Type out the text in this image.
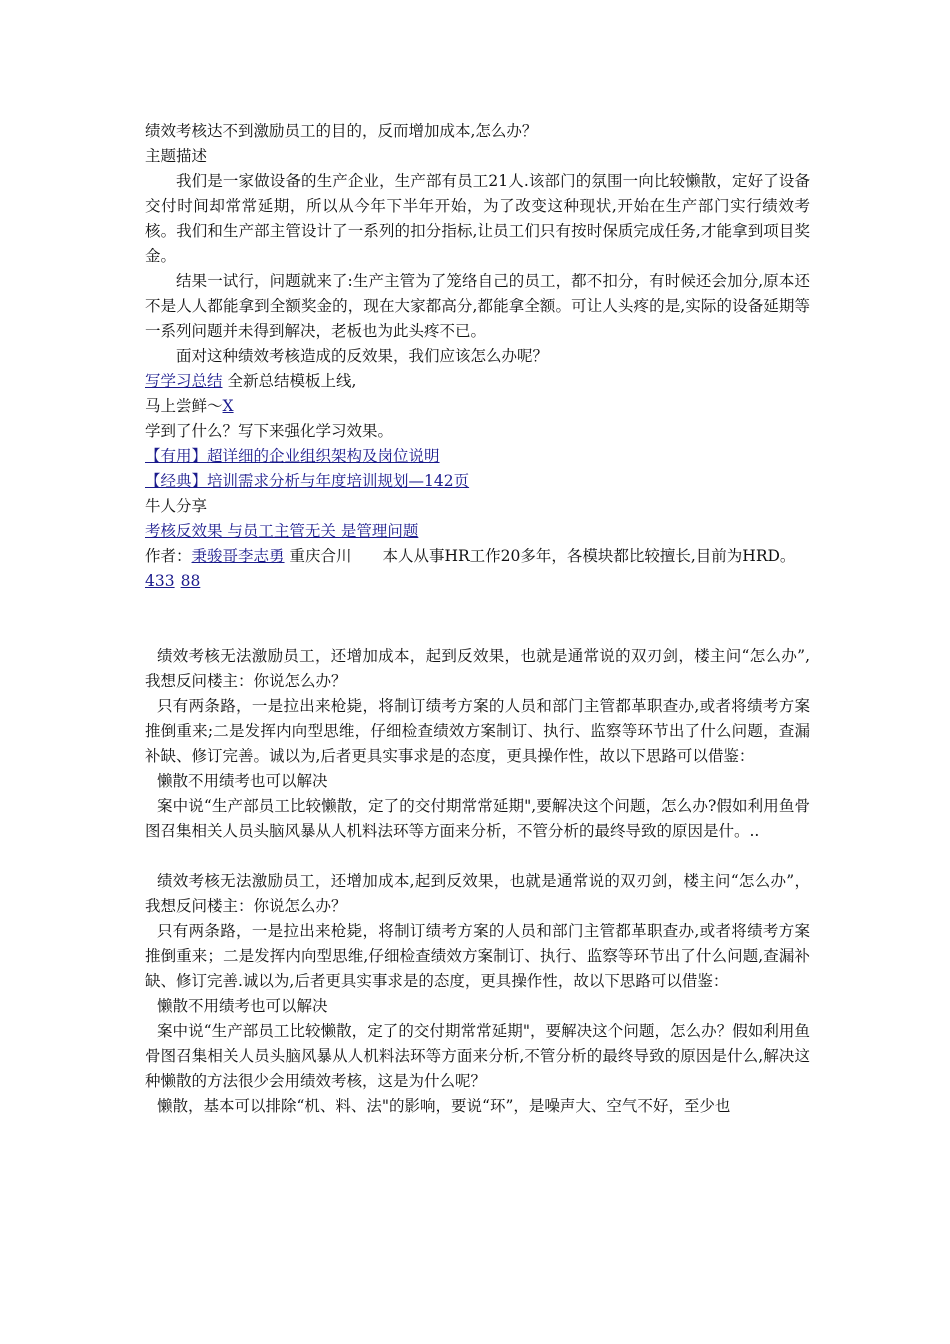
绩效考核达不到激励员工的目的，反而增加成本,怎么办？
主题描述
我们是一家做设备的生产企业，生产部有员工21人.该部门的氛围一向比较懒散，定好了设备交付时间却常常延期，所以从今年下半年开始，为了改变这种现状,开始在生产部门实行绩效考核。我们和生产部主管设计了一系列的扣分指标,让员工们只有按时保质完成任务,才能拿到项目奖金。
结果一试行，问题就来了:生产主管为了笼络自己的员工，都不扣分，有时候还会加分,原本还不是人人都能拿到全额奖金的，现在大家都高分,都能拿全额。可让人头疼的是,实际的设备延期等一系列问题并未得到解决，老板也为此头疼不已。
面对这种绩效考核造成的反效果，我们应该怎么办呢？
写学习总结 全新总结模板上线,
马上尝鲜～X
学到了什么？写下来强化学习效果。
【有用】超详细的企业组织架构及岗位说明
【经典】培训需求分析与年度培训规划—142页
牛人分享
考核反效果 与员工主管无关 是管理问题
作者：秉骏哥李志勇 重庆合川　　本人从事HR工作20多年，各模块都比较擅长,目前为HRD。
433 88
绩效考核无法激励员工，还增加成本，起到反效果，也就是通常说的双刃剑，楼主问“怎么办”,我想反问楼主：你说怎么办？
只有两条路，一是拉出来枪毙，将制订绩考方案的人员和部门主管都革职查办,或者将绩考方案推倒重来;二是发挥内向型思维，仔细检查绩效方案制订、执行、监察等环节出了什么问题，查漏补缺、修订完善。诚以为,后者更具实事求是的态度，更具操作性，故以下思路可以借鉴：
懒散不用绩考也可以解决
案中说“生产部员工比较懒散，定了的交付期常常延期",要解决这个问题，怎么办?假如利用鱼骨图召集相关人员头脑风暴从人机料法环等方面来分析，不管分析的最终导致的原因是什。..
绩效考核无法激励员工，还增加成本,起到反效果，也就是通常说的双刃剑，楼主问“怎么办”，我想反问楼主：你说怎么办？
只有两条路，一是拉出来枪毙，将制订绩考方案的人员和部门主管都革职查办,或者将绩考方案推倒重来；二是发挥内向型思维,仔细检查绩效方案制订、执行、监察等环节出了什么问题,查漏补缺、修订完善.诚以为,后者更具实事求是的态度，更具操作性，故以下思路可以借鉴：
懒散不用绩考也可以解决
案中说“生产部员工比较懒散，定了的交付期常常延期"，要解决这个问题，怎么办？假如利用鱼骨图召集相关人员头脑风暴从人机料法环等方面来分析,不管分析的最终导致的原因是什么,解决这种懒散的方法很少会用绩效考核，这是为什么呢？
懒散，基本可以排除“机、料、法"的影响，要说“环”，是噪声大、空气不好，至少也
